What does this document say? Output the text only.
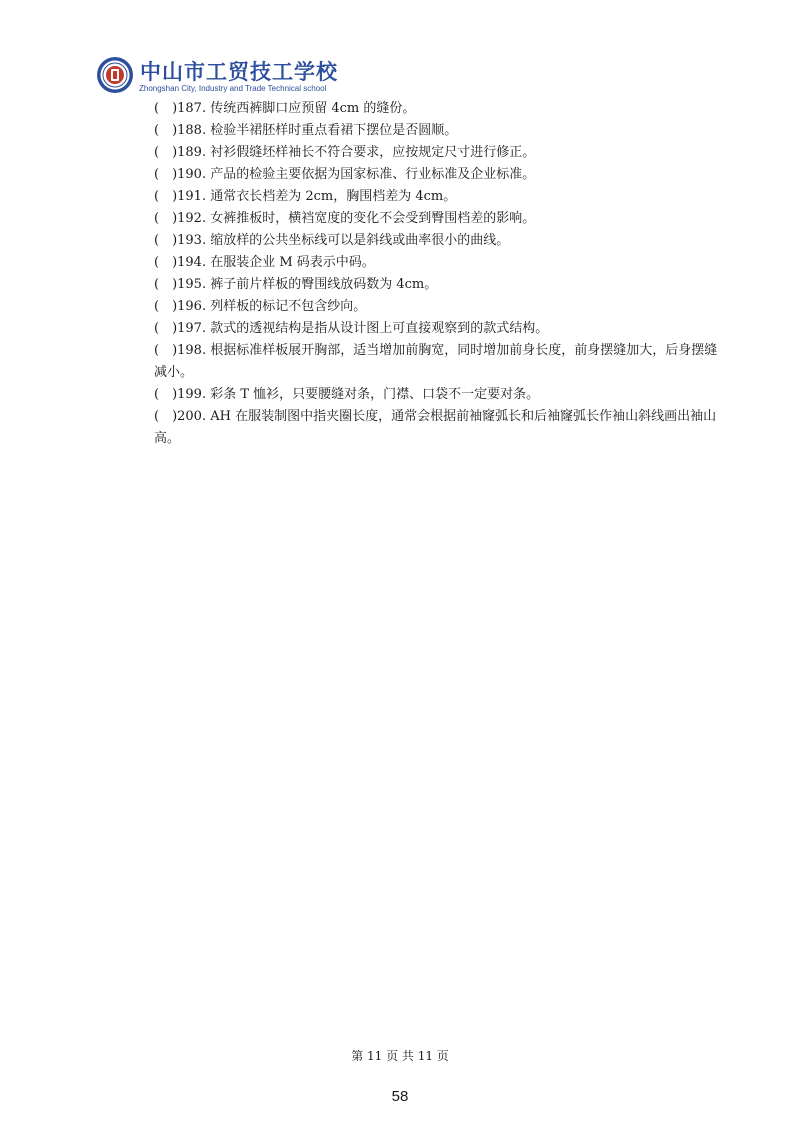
中山市工贸技工学校
Zhongshan City, Industry and Trade Technical school

(　)187. 传统西裤脚口应预留 4cm 的缝份。

(　)188. 检验半裙胚样时重点看裙下摆位是否圆顺。

(　)189. 衬衫假缝坯样袖长不符合要求，应按规定尺寸进行修正。

(　)190. 产品的检验主要依据为国家标准、行业标准及企业标准。

(　)191. 通常衣长档差为 2cm，胸围档差为 4cm。

(　)192. 女裤推板时，横裆宽度的变化不会受到臀围档差的影响。

(　)193. 缩放样的公共坐标线可以是斜线或曲率很小的曲线。

(　)194. 在服装企业 M 码表示中码。

(　)195. 裤子前片样板的臀围线放码数为 4cm。

(　)196. 列样板的标记不包含纱向。

(　)197. 款式的透视结构是指从设计图上可直接观察到的款式结构。

(　)198. 根据标准样板展开胸部，适当增加前胸宽，同时增加前身长度，前身摆缝加大，后身摆缝减小。

(　)199. 彩条 T 恤衫，只要腰缝对条，门襟、口袋不一定要对条。

(　)200. AH 在服装制图中指夹圈长度，通常会根据前袖窿弧长和后袖窿弧长作袖山斜线画出袖山高。

第 11 页 共 11 页
58
